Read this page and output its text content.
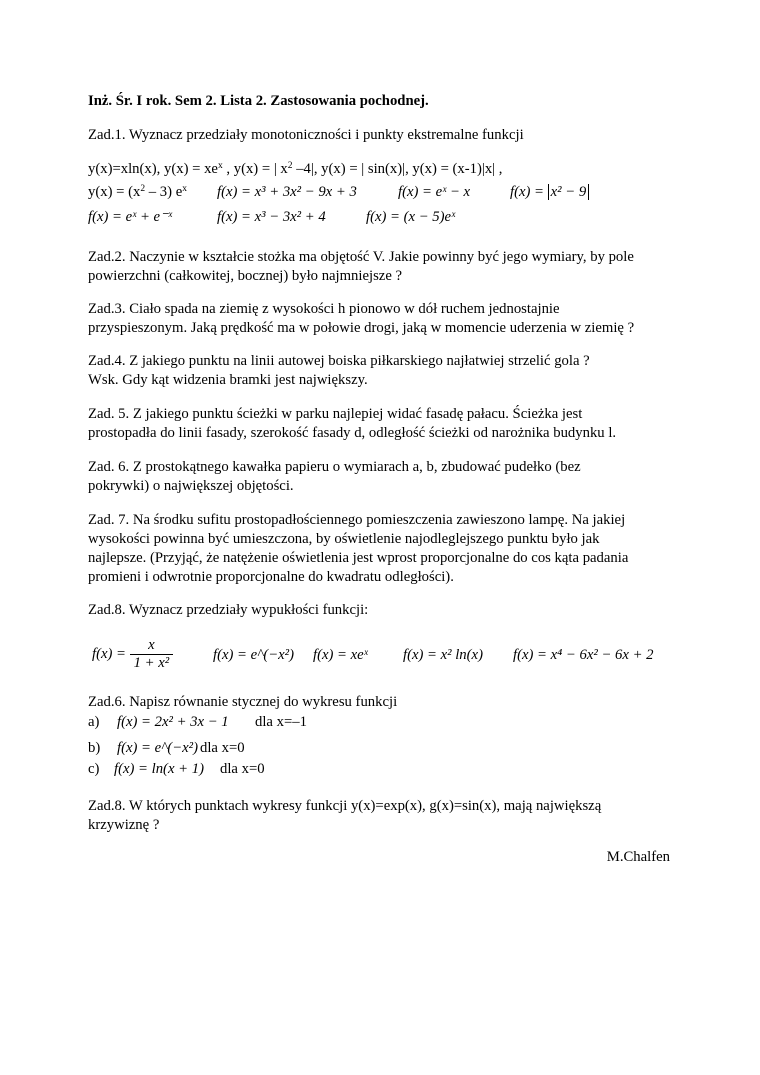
Inż. Śr. I rok. Sem 2. Lista 2. Zastosowania pochodnej.

Zad.1. Wyznacz przedziały monotoniczności i punkty ekstremalne funkcji

y(x)=xln(x), $y(x) = xe^x$ , y(x) = | $x^2$ –4|, y(x) = | sin(x)|, y(x) = (x-1)|x| ,

$y(x) = (x^2 - 3)$ $e^x$ f(x) = x³ + 3x² − 9x + 3	f(x) = eˣ − x	f(x) = x² − 9

f(x) = eˣ + e⁻ˣ	f(x) = x³ − 3x² + 4	f(x) = (x − 5)eˣ

Zad.2. Naczynie w kształcie stożka ma objętość V. Jakie powinny być jego wymiary, by pole

powierzchni (całkowitej, bocznej) było najmniejsze ?

Zad.3. Ciało spada na ziemię z wysokości h pionowo w dół ruchem jednostajnie

przyspieszonym. Jaką prędkość ma w połowie drogi, jaką w momencie uderzenia w ziemię ?

Zad.4. Z jakiego punktu na linii autowej boiska piłkarskiego najłatwiej strzelić gola ?

Wsk. Gdy kąt widzenia bramki jest największy.

Zad. 5. Z jakiego punktu ścieżki w parku najlepiej widać fasadę pałacu. Ścieżka jest

prostopadła do linii fasady, szerokość fasady d, odległość ścieżki od narożnika budynku l.

Zad. 6. Z prostokątnego kawałka papieru o wymiarach a, b, zbudować pudełko (bez

pokrywki) o największej objętości.

Zad. 7. Na środku sufitu prostopadłościennego pomieszczenia zawieszono lampę. Na jakiej

wysokości powinna być umieszczona, by oświetlenie najodleglejszego punktu było jak

najlepsze. (Przyjąć, że natężenie oświetlenia jest wprost proporcjonalne do cos kąta padania

promieni i odwrotnie proporcjonalne do kwadratu odległości).

Zad.8. Wyznacz przedziały wypukłości funkcji:

$f(x) = \frac{x}{\text{1 + x²}}$	f(x) = e^(−x²) f(x) = xeˣ f(x) = x² ln(x) f(x) = x⁴ − 6x² − 6x + 2

Zad.6. Napisz równanie stycznej do wykresu funkcji

a) f(x) = 2x² + 3x − 1 dla x=–1

b) f(x) = e^(−x²) dla x=0

c) f(x) = ln(x + 1) dla x=0

Zad.8. W których punktach wykresy funkcji y(x)=exp(x), g(x)=sin(x), mają największą

krzywiznę ?

M.Chalfen
